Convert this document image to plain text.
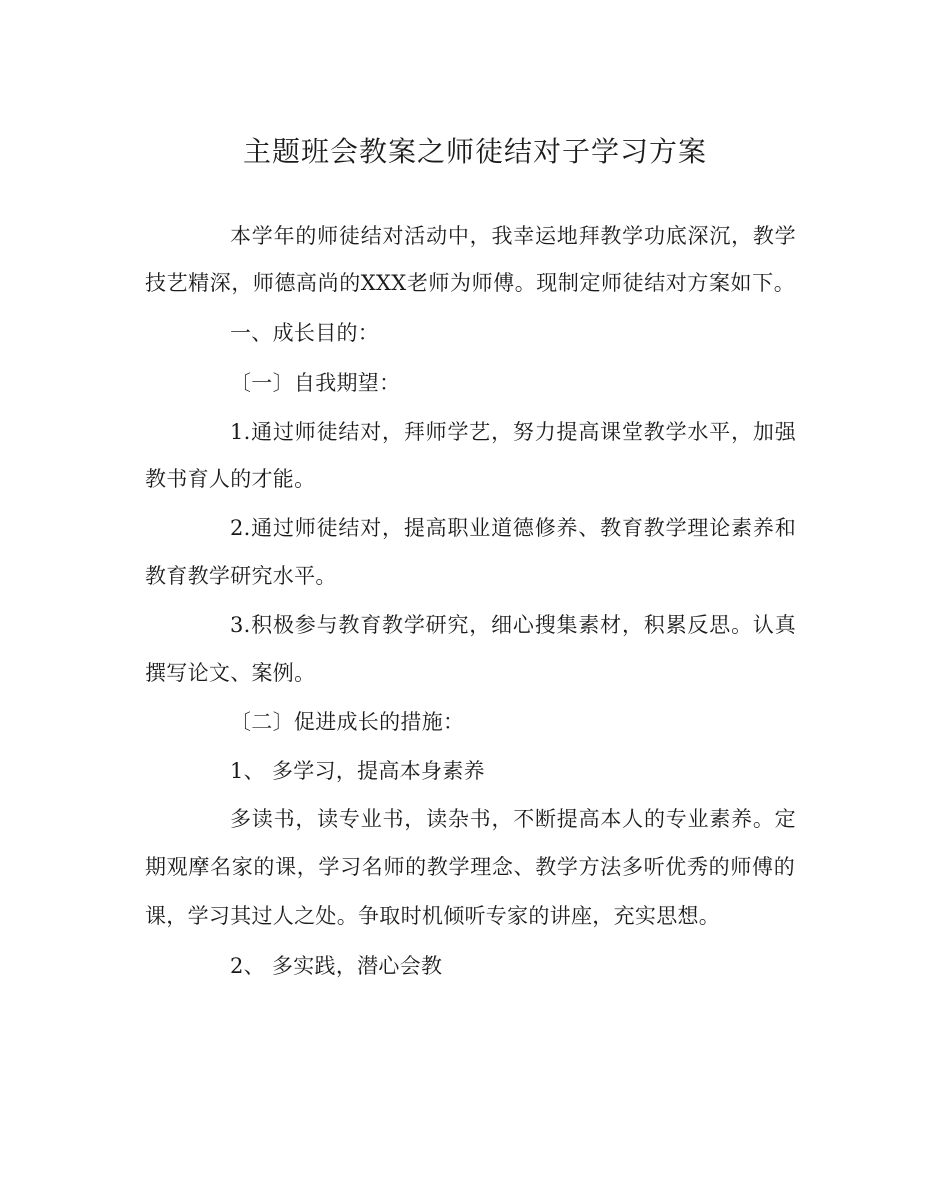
主题班会教案之师徒结对子学习方案
本学年的师徒结对活动中，我幸运地拜教学功底深沉，教学
技艺精深，师德高尚的XXX老师为师傅。现制定师徒结对方案如下。
一、成长目的：
〔一〕自我期望：
1.通过师徒结对，拜师学艺，努力提高课堂教学水平，加强
教书育人的才能。
2.通过师徒结对，提高职业道德修养、教育教学理论素养和
教育教学研究水平。
3.积极参与教育教学研究，细心搜集素材，积累反思。认真
撰写论文、案例。
〔二〕促进成长的措施：
1、 多学习，提高本身素养
多读书，读专业书，读杂书，不断提高本人的专业素养。定
期观摩名家的课，学习名师的教学理念、教学方法多听优秀的师傅的
课，学习其过人之处。争取时机倾听专家的讲座，充实思想。
2、 多实践，潜心会教
